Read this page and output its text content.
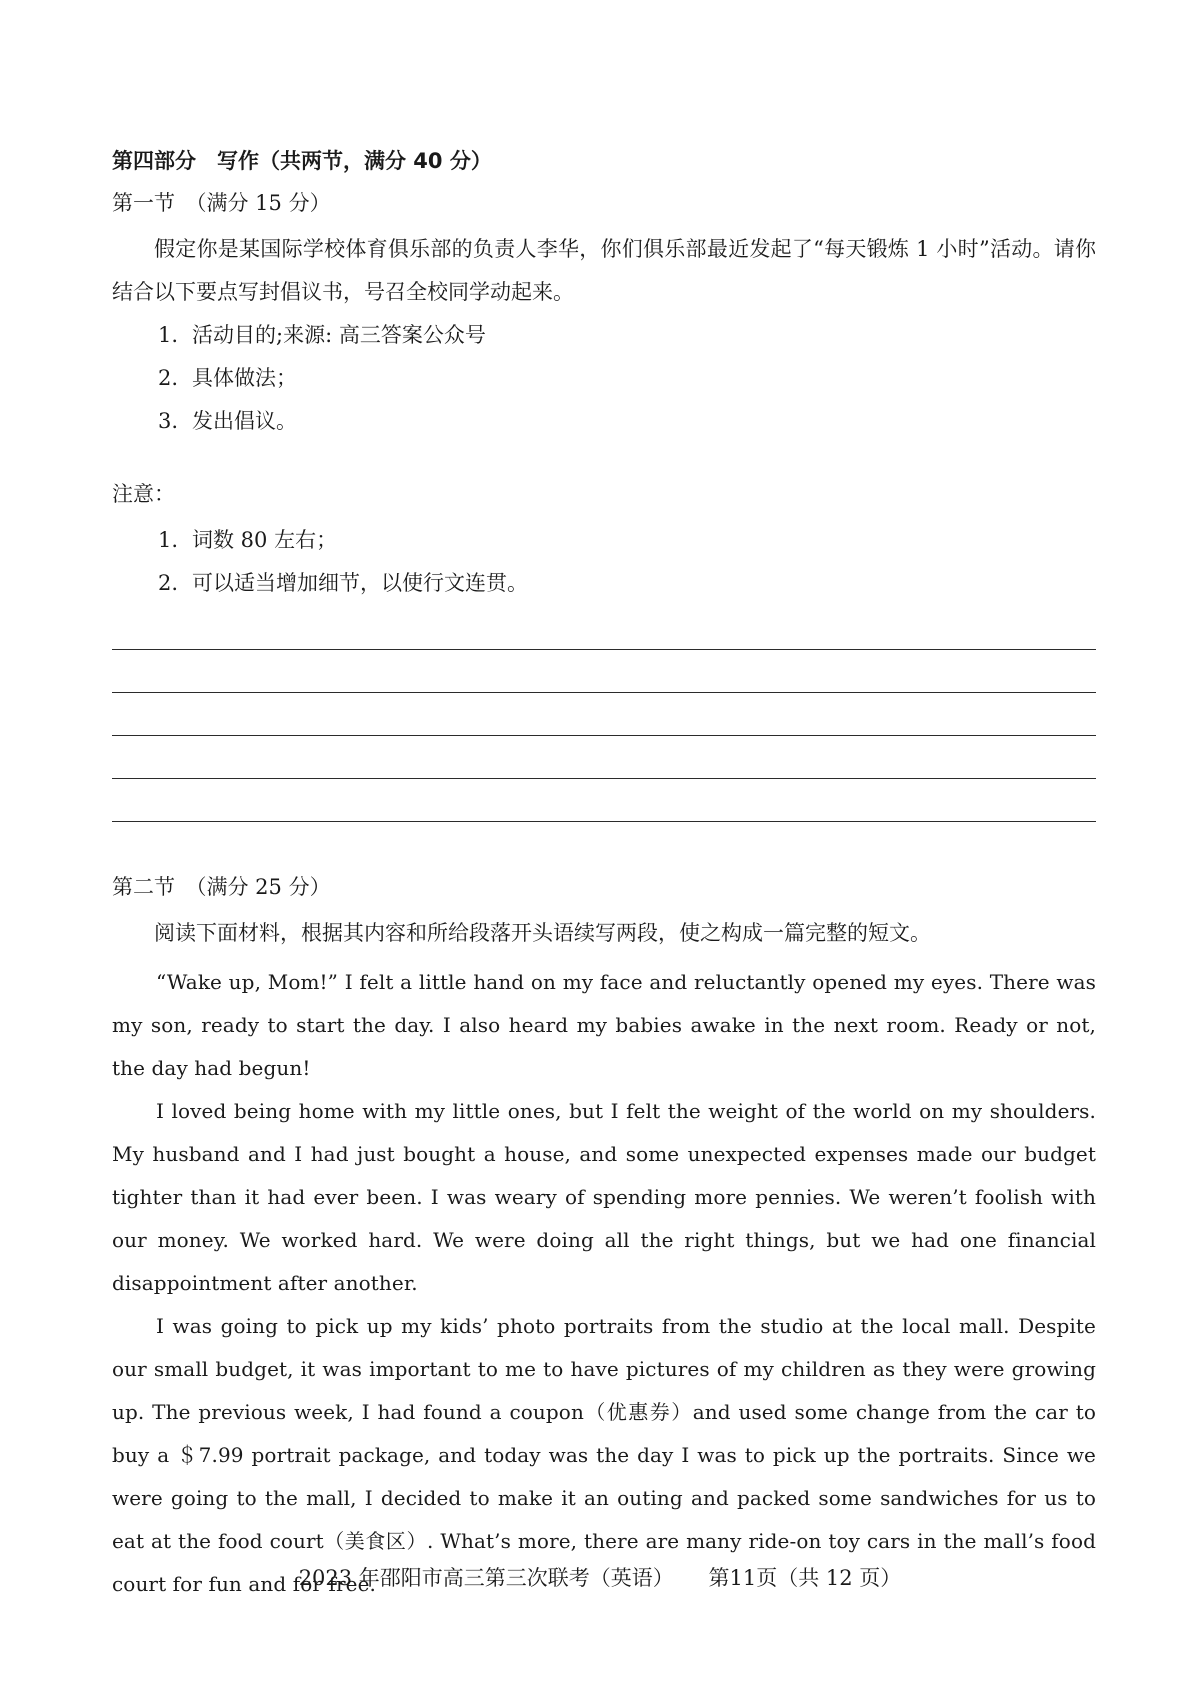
第四部分　写作（共两节，满分 40 分）
第一节　（满分 15 分）

假定你是某国际学校体育俱乐部的负责人李华，你们俱乐部最近发起了“每天锻炼 1 小时”活动。请你结合以下要点写封倡议书，号召全校同学动起来。

1. 活动目的;来源: 高三答案公众号

2. 具体做法；

3. 发出倡议。

注意：

1. 词数 80 左右；

2. 可以适当增加细节，以使行文连贯。

第二节　（满分 25 分）

阅读下面材料，根据其内容和所给段落开头语续写两段，使之构成一篇完整的短文。

“Wake up, Mom!” I felt a little hand on my face and reluctantly opened my eyes. There was my son, ready to start the day. I also heard my babies awake in the next room. Ready or not, the day had begun!

I loved being home with my little ones, but I felt the weight of the world on my shoulders. My husband and I had just bought a house, and some unexpected expenses made our budget tighter than it had ever been. I was weary of spending more pennies. We weren’t foolish with our money. We worked hard. We were doing all the right things, but we had one financial disappointment after another.

I was going to pick up my kids’ photo portraits from the studio at the local mall. Despite our small budget, it was important to me to have pictures of my children as they were growing up. The previous week, I had found a coupon（优惠券）and used some change from the car to buy a ＄7.99 portrait package, and today was the day I was to pick up the portraits. Since we were going to the mall, I decided to make it an outing and packed some sandwiches for us to eat at the food court（美食区）. What’s more, there are many ride-on toy cars in the mall’s food court for fun and for free.

2023 年邵阳市高三第三次联考（英语） 第11页（共 12 页）
